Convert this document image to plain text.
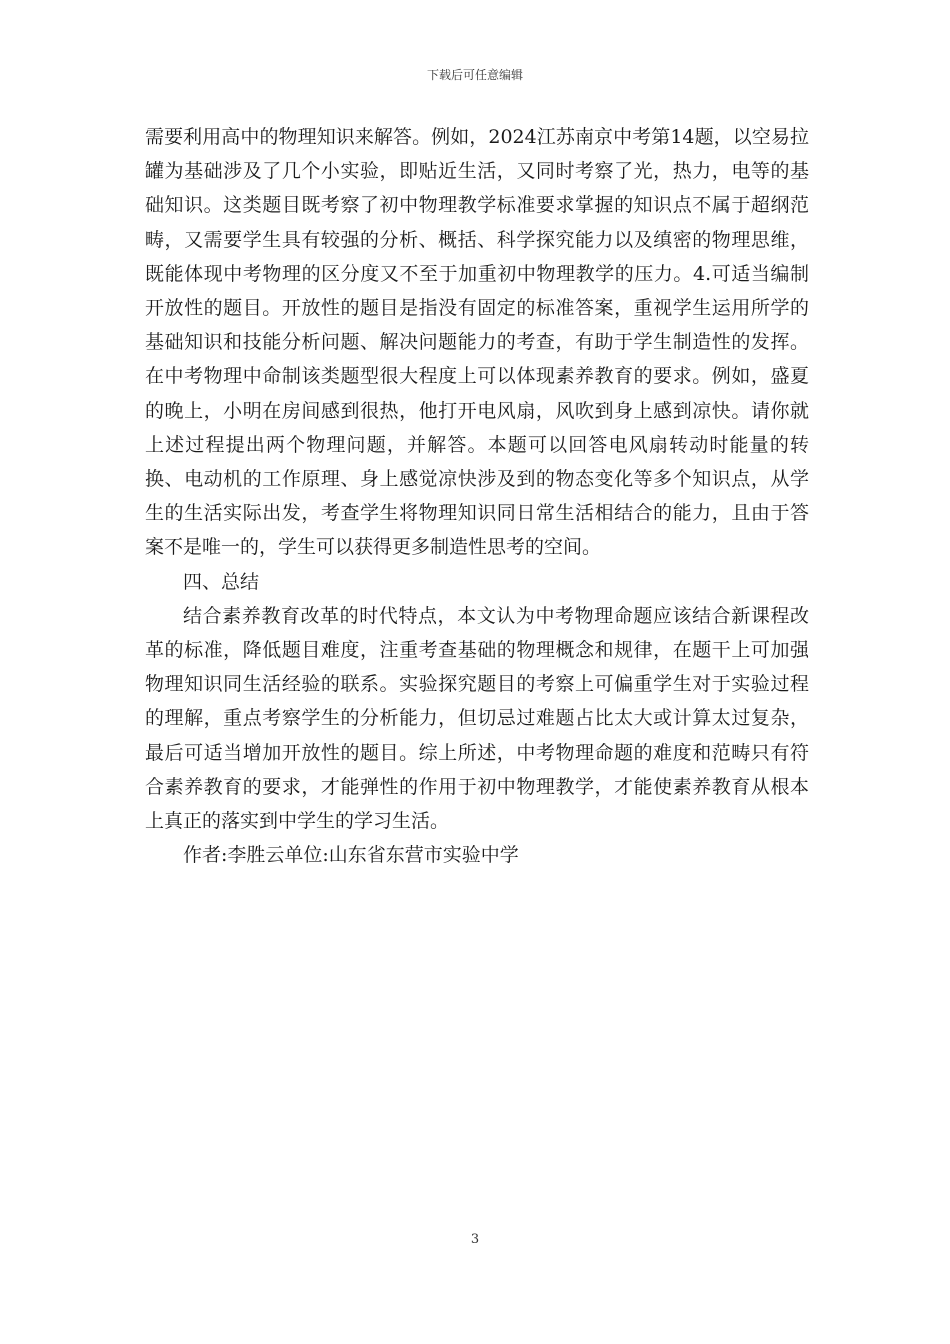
下载后可任意编辑

需要利用高中的物理知识来解答。例如，2024江苏南京中考第14题，以空易拉罐为基础涉及了几个小实验，即贴近生活，又同时考察了光，热力，电等的基础知识。这类题目既考察了初中物理教学标准要求掌握的知识点不属于超纲范畴，又需要学生具有较强的分析、概括、科学探究能力以及缜密的物理思维，既能体现中考物理的区分度又不至于加重初中物理教学的压力。4.可适当编制开放性的题目。开放性的题目是指没有固定的标准答案，重视学生运用所学的基础知识和技能分析问题、解决问题能力的考查，有助于学生制造性的发挥。在中考物理中命制该类题型很大程度上可以体现素养教育的要求。例如，盛夏的晚上，小明在房间感到很热，他打开电风扇，风吹到身上感到凉快。请你就上述过程提出两个物理问题，并解答。本题可以回答电风扇转动时能量的转换、电动机的工作原理、身上感觉凉快涉及到的物态变化等多个知识点，从学生的生活实际出发，考查学生将物理知识同日常生活相结合的能力，且由于答案不是唯一的，学生可以获得更多制造性思考的空间。

四、总结

结合素养教育改革的时代特点，本文认为中考物理命题应该结合新课程改革的标准，降低题目难度，注重考查基础的物理概念和规律，在题干上可加强物理知识同生活经验的联系。实验探究题目的考察上可偏重学生对于实验过程的理解，重点考察学生的分析能力，但切忌过难题占比太大或计算太过复杂，最后可适当增加开放性的题目。综上所述，中考物理命题的难度和范畴只有符合素养教育的要求，才能弹性的作用于初中物理教学，才能使素养教育从根本上真正的落实到中学生的学习生活。

作者:李胜云单位:山东省东营市实验中学

3
